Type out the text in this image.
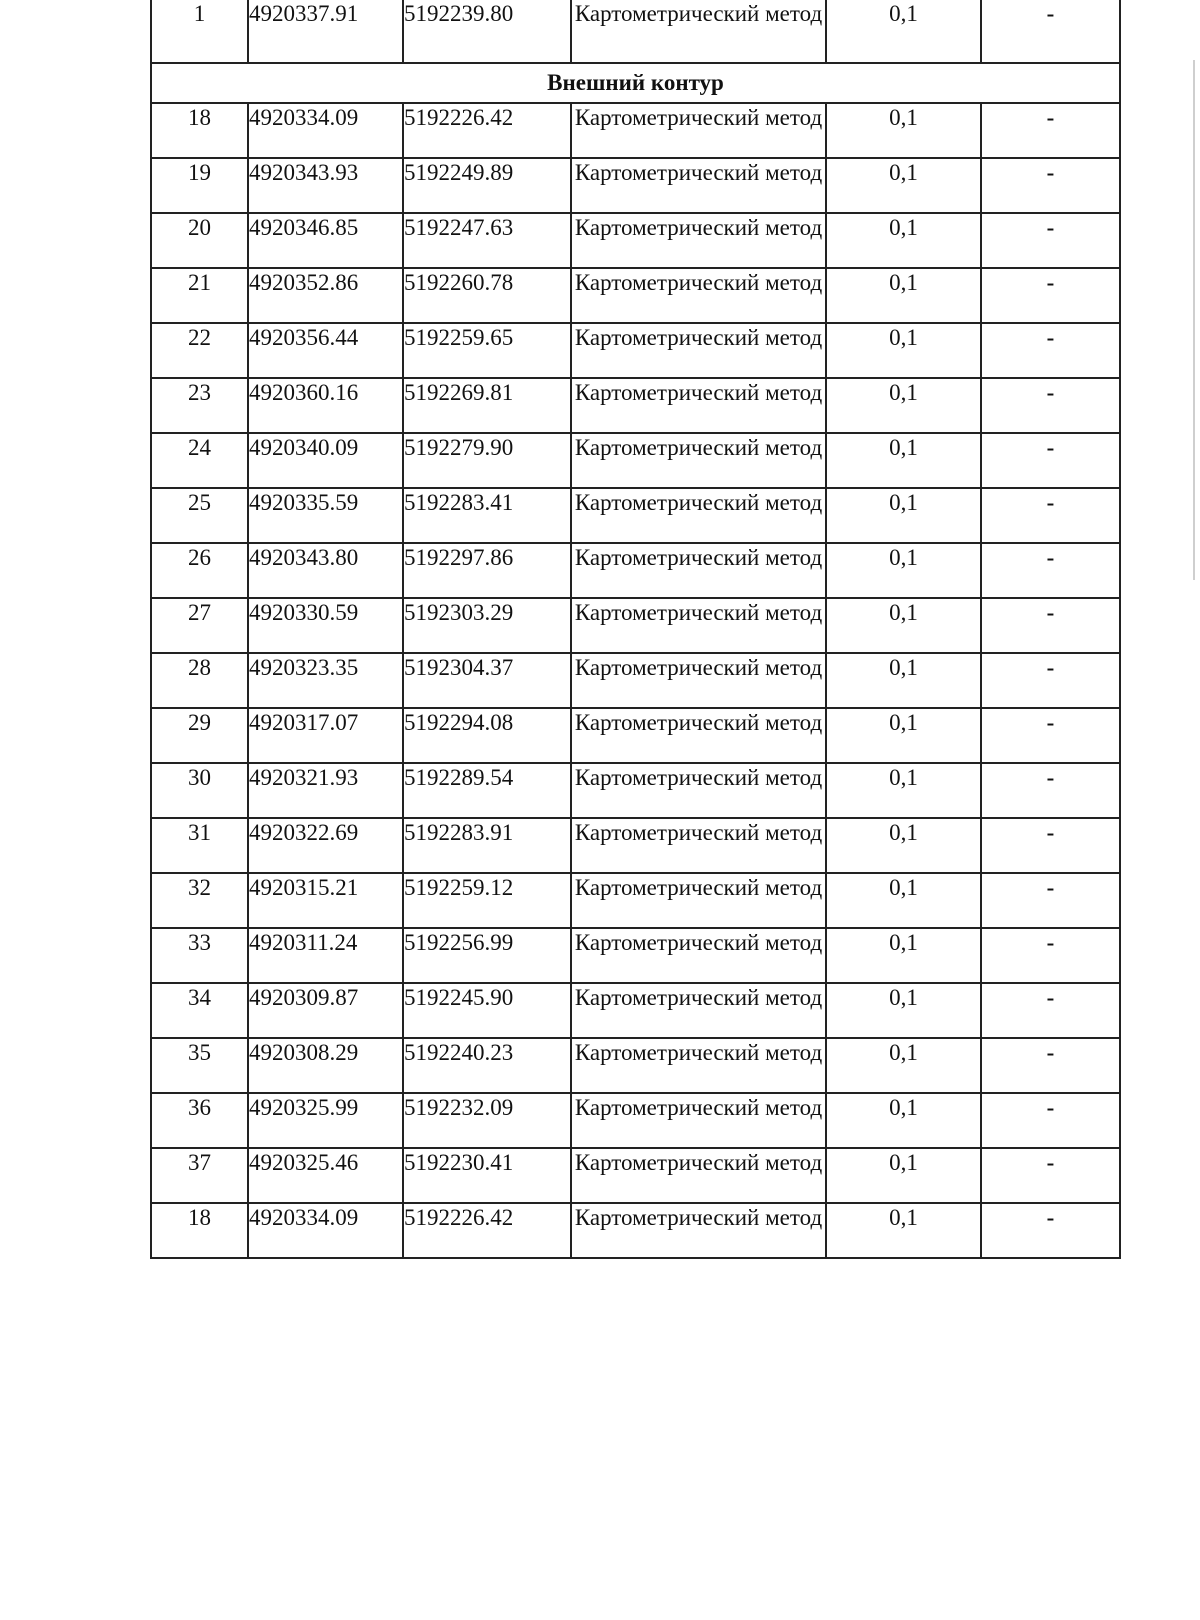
1	4920337.91	5192239.80	Картометрический метод	0,1	-
Внешний контур					
18	4920334.09	5192226.42	Картометрический метод	0,1	-
19	4920343.93	5192249.89	Картометрический метод	0,1	-
20	4920346.85	5192247.63	Картометрический метод	0,1	-
21	4920352.86	5192260.78	Картометрический метод	0,1	-
22	4920356.44	5192259.65	Картометрический метод	0,1	-
23	4920360.16	5192269.81	Картометрический метод	0,1	-
24	4920340.09	5192279.90	Картометрический метод	0,1	-
25	4920335.59	5192283.41	Картометрический метод	0,1	-
26	4920343.80	5192297.86	Картометрический метод	0,1	-
27	4920330.59	5192303.29	Картометрический метод	0,1	-
28	4920323.35	5192304.37	Картометрический метод	0,1	-
29	4920317.07	5192294.08	Картометрический метод	0,1	-
30	4920321.93	5192289.54	Картометрический метод	0,1	-
31	4920322.69	5192283.91	Картометрический метод	0,1	-
32	4920315.21	5192259.12	Картометрический метод	0,1	-
33	4920311.24	5192256.99	Картометрический метод	0,1	-
34	4920309.87	5192245.90	Картометрический метод	0,1	-
35	4920308.29	5192240.23	Картометрический метод	0,1	-
36	4920325.99	5192232.09	Картометрический метод	0,1	-
37	4920325.46	5192230.41	Картометрический метод	0,1	-
18	4920334.09	5192226.42	Картометрический метод	0,1	-
